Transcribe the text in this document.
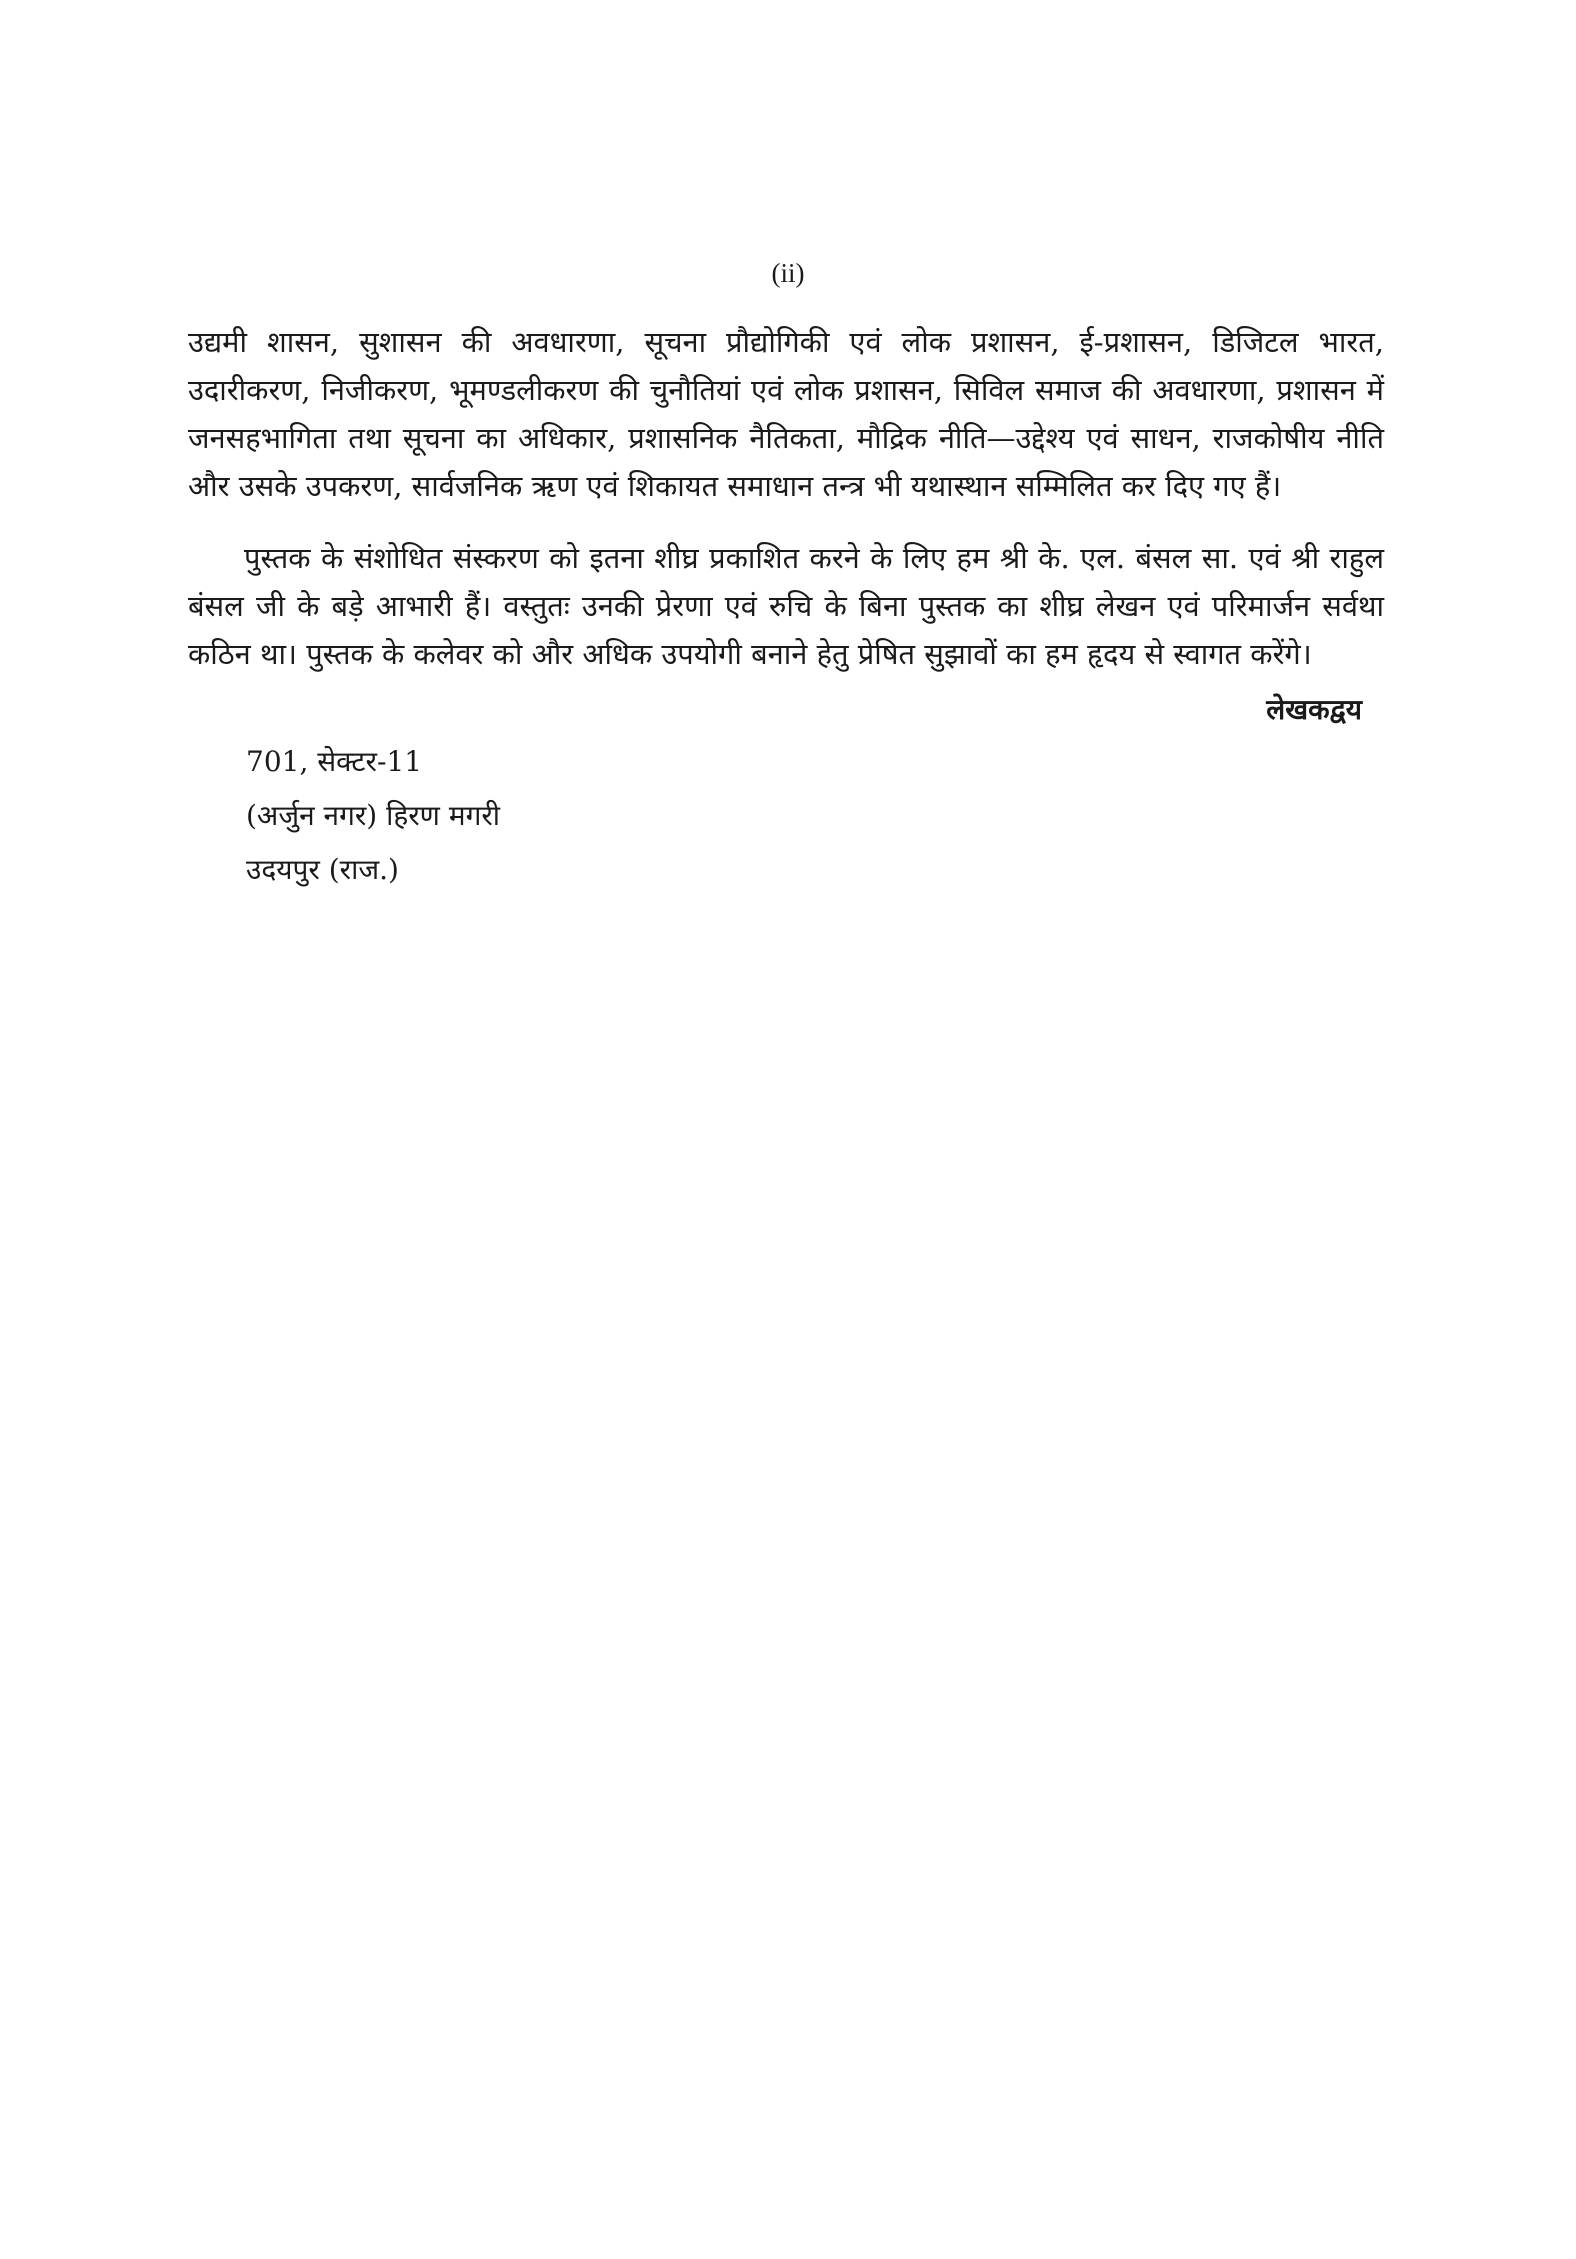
(ii)

उद्यमी शासन, सुशासन की अवधारणा, सूचना प्रौद्योगिकी एवं लोक प्रशासन, ई-प्रशासन, डिजिटल भारत, उदारीकरण, निजीकरण, भूमण्डलीकरण की चुनौतियां एवं लोक प्रशासन, सिविल समाज की अवधारणा, प्रशासन में जनसहभागिता तथा सूचना का अधिकार, प्रशासनिक नैतिकता, मौद्रिक नीति—उद्देश्य एवं साधन, राजकोषीय नीति और उसके उपकरण, सार्वजनिक ऋण एवं शिकायत समाधान तन्त्र भी यथास्थान सम्मिलित कर दिए गए हैं।

पुस्तक के संशोधित संस्करण को इतना शीघ्र प्रकाशित करने के लिए हम श्री के. एल. बंसल सा. एवं श्री राहुल बंसल जी के बड़े आभारी हैं। वस्तुतः उनकी प्रेरणा एवं रुचि के बिना पुस्तक का शीघ्र लेखन एवं परिमार्जन सर्वथा कठिन था। पुस्तक के कलेवर को और अधिक उपयोगी बनाने हेतु प्रेषित सुझावों का हम हृदय से स्वागत करेंगे।

लेखकद्वय
701, सेक्टर-11
(अर्जुन नगर) हिरण मगरी
उदयपुर (राज.)
